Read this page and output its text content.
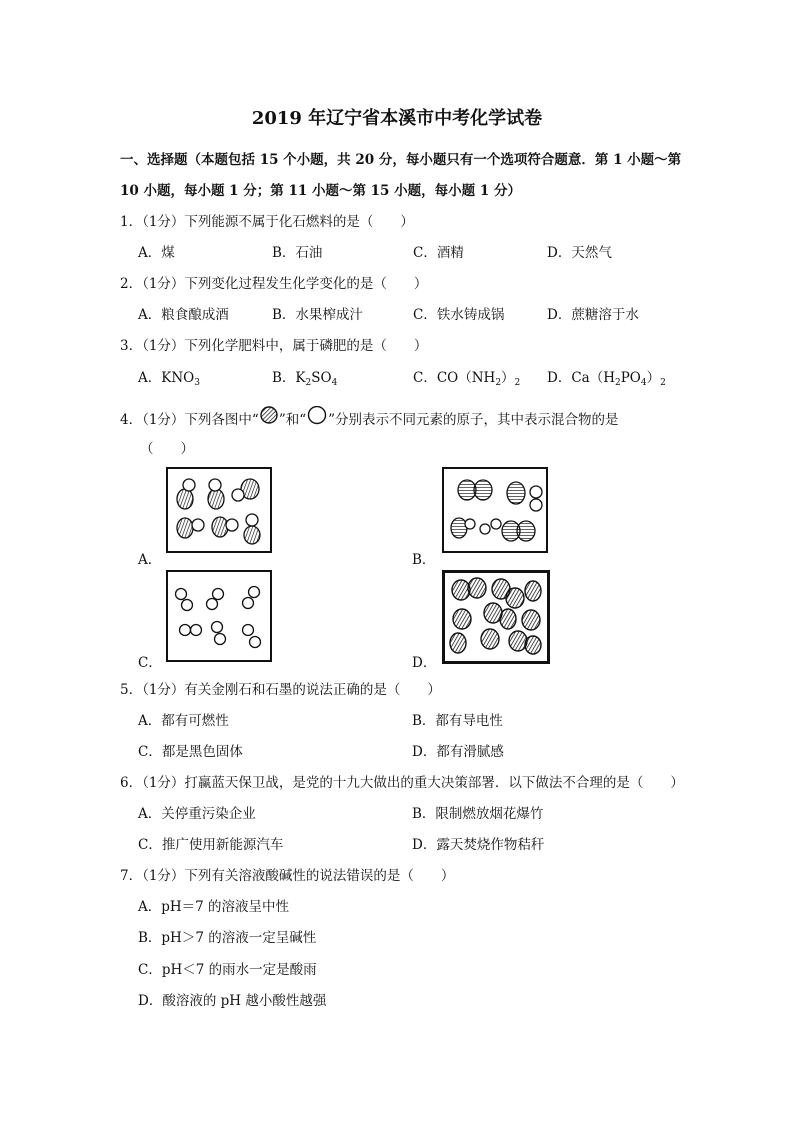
2019 年辽宁省本溪市中考化学试卷
一、选择题（本题包括 15 个小题，共 20 分，每小题只有一个选项符合题意．第 1 小题～第
10 小题，每小题 1 分；第 11 小题～第 15 小题，每小题 1 分）
1．（1分）下列能源不属于化石燃料的是（　　）
A．煤	B．石油	C．酒精	D．天然气
2．（1分）下列变化过程发生化学变化的是（　　）
A．粮食酿成酒	B．水果榨成汁	C．铁水铸成锅	D．蔗糖溶于水
3．（1分）下列化学肥料中，属于磷肥的是（　　）
A．$KNO_3$	B．$K_2SO_4$	C．$CO(NH_2)_2$ D．$Ca(H_2PO_4)_2$
4．（1分）下列各图中“ ”和“ ”分别表示不同元素的原子，其中表示混合物的是
（　　）
A．	B．
C．	D．
5．（1分）有关金刚石和石墨的说法正确的是（　　）
A．都有可燃性	B．都有导电性
C．都是黑色固体	D．都有滑腻感
6．（1分）打赢蓝天保卫战，是党的十九大做出的重大决策部署．以下做法不合理的是（　　）
A．关停重污染企业	B．限制燃放烟花爆竹
C．推广使用新能源汽车	D．露天焚烧作物秸秆
7．（1分）下列有关溶液酸碱性的说法错误的是（　　）
A．pH＝7 的溶液呈中性
B．pH＞7 的溶液一定呈碱性
C．pH＜7 的雨水一定是酸雨
D．酸溶液的 pH 越小酸性越强
